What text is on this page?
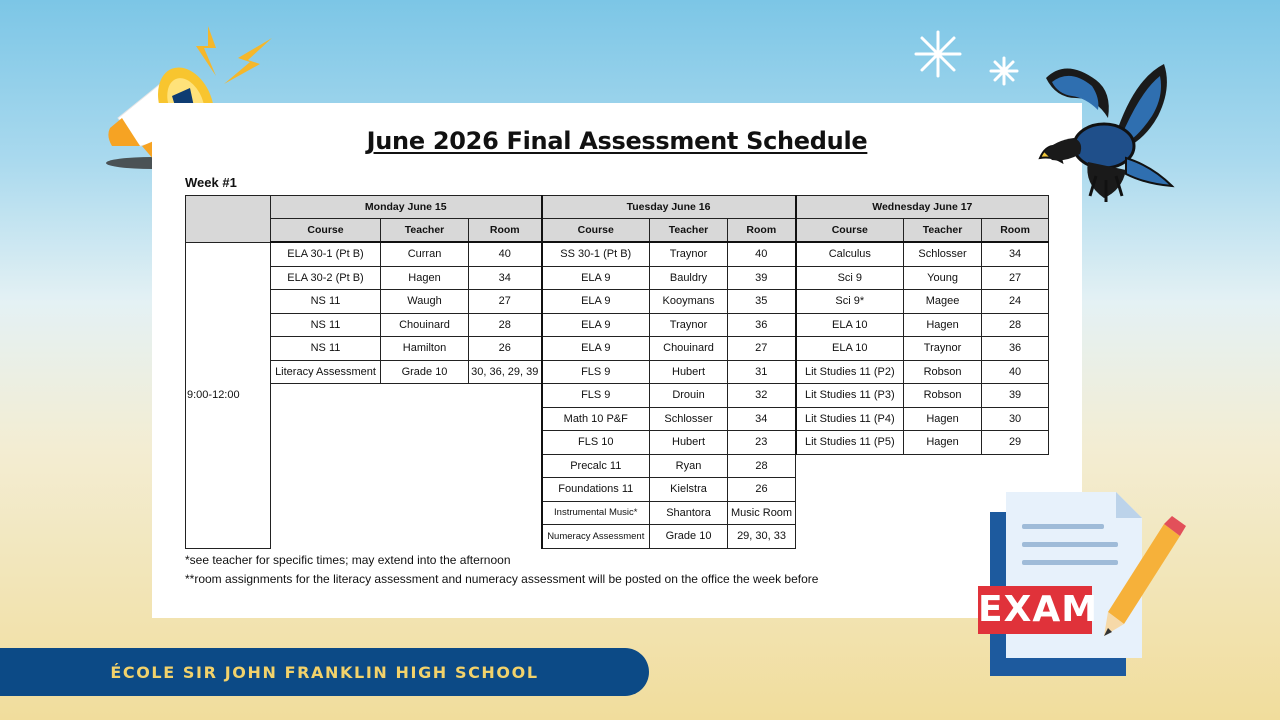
June 2026 Final Assessment Schedule
Week #1
	Monday June 15			Tuesday June 16			Wednesday June 17		
	Course	Teacher	Room	Course	Teacher	Room	Course	Teacher	Room
9:00-12:00	ELA 30-1 (Pt B)	Curran	40	SS 30-1 (Pt B)	Traynor	40	Calculus	Schlosser	34
	ELA 30-2 (Pt B)	Hagen	34	ELA 9	Bauldry	39	Sci 9	Young	27
	NS 11	Waugh	27	ELA 9	Kooymans	35	Sci 9*	Magee	24
	NS 11	Chouinard	28	ELA 9	Traynor	36	ELA 10	Hagen	28
	NS 11	Hamilton	26	ELA 9	Chouinard	27	ELA 10	Traynor	36
	Literacy Assessment	Grade 10	30, 36, 29, 39	FLS 9	Hubert	31	Lit Studies 11 (P2)	Robson	40
				FLS 9	Drouin	32	Lit Studies 11 (P3)	Robson	39
				Math 10 P&F	Schlosser	34	Lit Studies 11 (P4)	Hagen	30
				FLS 10	Hubert	23	Lit Studies 11 (P5)	Hagen	29
				Precalc 11	Ryan	28			
				Foundations 11	Kielstra	26			
				Instrumental Music*	Shantora	Music Room			
				Numeracy Assessment	Grade 10	29, 30, 33			
*see teacher for specific times; may extend into the afternoon
**room assignments for the literacy assessment and numeracy assessment will be posted on the office the week before
EXAM
ÉCOLE SIR JOHN FRANKLIN HIGH SCHOOL
